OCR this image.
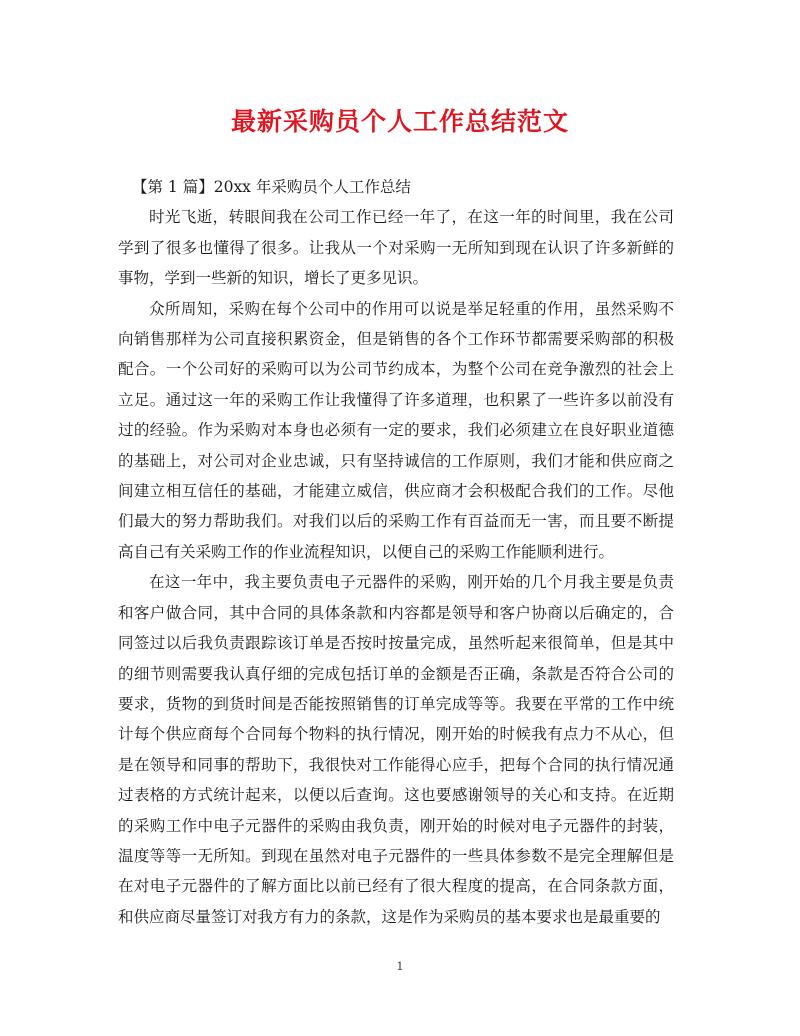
最新采购员个人工作总结范文

【第 1 篇】20xx 年采购员个人工作总结

时光飞逝，转眼间我在公司工作已经一年了，在这一年的时间里，我在公司学到了很多也懂得了很多。让我从一个对采购一无所知到现在认识了许多新鲜的事物，学到一些新的知识，增长了更多见识。

众所周知，采购在每个公司中的作用可以说是举足轻重的作用，虽然采购不向销售那样为公司直接积累资金，但是销售的各个工作环节都需要采购部的积极配合。一个公司好的采购可以为公司节约成本，为整个公司在竞争激烈的社会上立足。通过这一年的采购工作让我懂得了许多道理，也积累了一些许多以前没有过的经验。作为采购对本身也必须有一定的要求，我们必须建立在良好职业道德的基础上，对公司对企业忠诚，只有坚持诚信的工作原则，我们才能和供应商之间建立相互信任的基础，才能建立威信，供应商才会积极配合我们的工作。尽他们最大的努力帮助我们。对我们以后的采购工作有百益而无一害，而且要不断提高自己有关采购工作的作业流程知识，以便自己的采购工作能顺利进行。

在这一年中，我主要负责电子元器件的采购，刚开始的几个月我主要是负责和客户做合同，其中合同的具体条款和内容都是领导和客户协商以后确定的，合同签过以后我负责跟踪该订单是否按时按量完成，虽然听起来很简单，但是其中的细节则需要我认真仔细的完成包括订单的金额是否正确，条款是否符合公司的要求，货物的到货时间是否能按照销售的订单完成等等。我要在平常的工作中统计每个供应商每个合同每个物料的执行情况，刚开始的时候我有点力不从心，但是在领导和同事的帮助下，我很快对工作能得心应手，把每个合同的执行情况通过表格的方式统计起来，以便以后查询。这也要感谢领导的关心和支持。在近期的采购工作中电子元器件的采购由我负责，刚开始的时候对电子元器件的封装，温度等等一无所知。到现在虽然对电子元器件的一些具体参数不是完全理解但是在对电子元器件的了解方面比以前已经有了很大程度的提高，在合同条款方面，和供应商尽量签订对我方有力的条款，这是作为采购员的基本要求也是最重要的

1
